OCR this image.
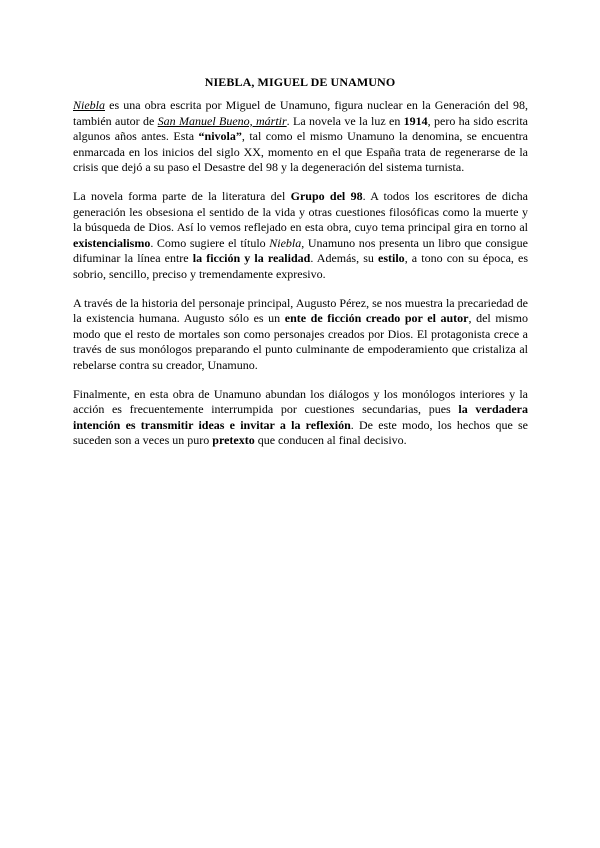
NIEBLA, MIGUEL DE UNAMUNO

Niebla es una obra escrita por Miguel de Unamuno, figura nuclear en la Generación del 98, también autor de San Manuel Bueno, mártir. La novela ve la luz en 1914, pero ha sido escrita algunos años antes. Esta “nivola”, tal como el mismo Unamuno la denomina, se encuentra enmarcada en los inicios del siglo XX, momento en el que España trata de regenerarse de la crisis que dejó a su paso el Desastre del 98 y la degeneración del sistema turnista.

La novela forma parte de la literatura del Grupo del 98. A todos los escritores de dicha generación les obsesiona el sentido de la vida y otras cuestiones filosóficas como la muerte y la búsqueda de Dios. Así lo vemos reflejado en esta obra, cuyo tema principal gira en torno al existencialismo. Como sugiere el título Niebla, Unamuno nos presenta un libro que consigue difuminar la línea entre la ficción y la realidad. Además, su estilo, a tono con su época, es sobrio, sencillo, preciso y tremendamente expresivo.

A través de la historia del personaje principal, Augusto Pérez, se nos muestra la precariedad de la existencia humana. Augusto sólo es un ente de ficción creado por el autor, del mismo modo que el resto de mortales son como personajes creados por Dios. El protagonista crece a través de sus monólogos preparando el punto culminante de empoderamiento que cristaliza al rebelarse contra su creador, Unamuno.

Finalmente, en esta obra de Unamuno abundan los diálogos y los monólogos interiores y la acción es frecuentemente interrumpida por cuestiones secundarias, pues la verdadera intención es transmitir ideas e invitar a la reflexión. De este modo, los hechos que se suceden son a veces un puro pretexto que conducen al final decisivo.
